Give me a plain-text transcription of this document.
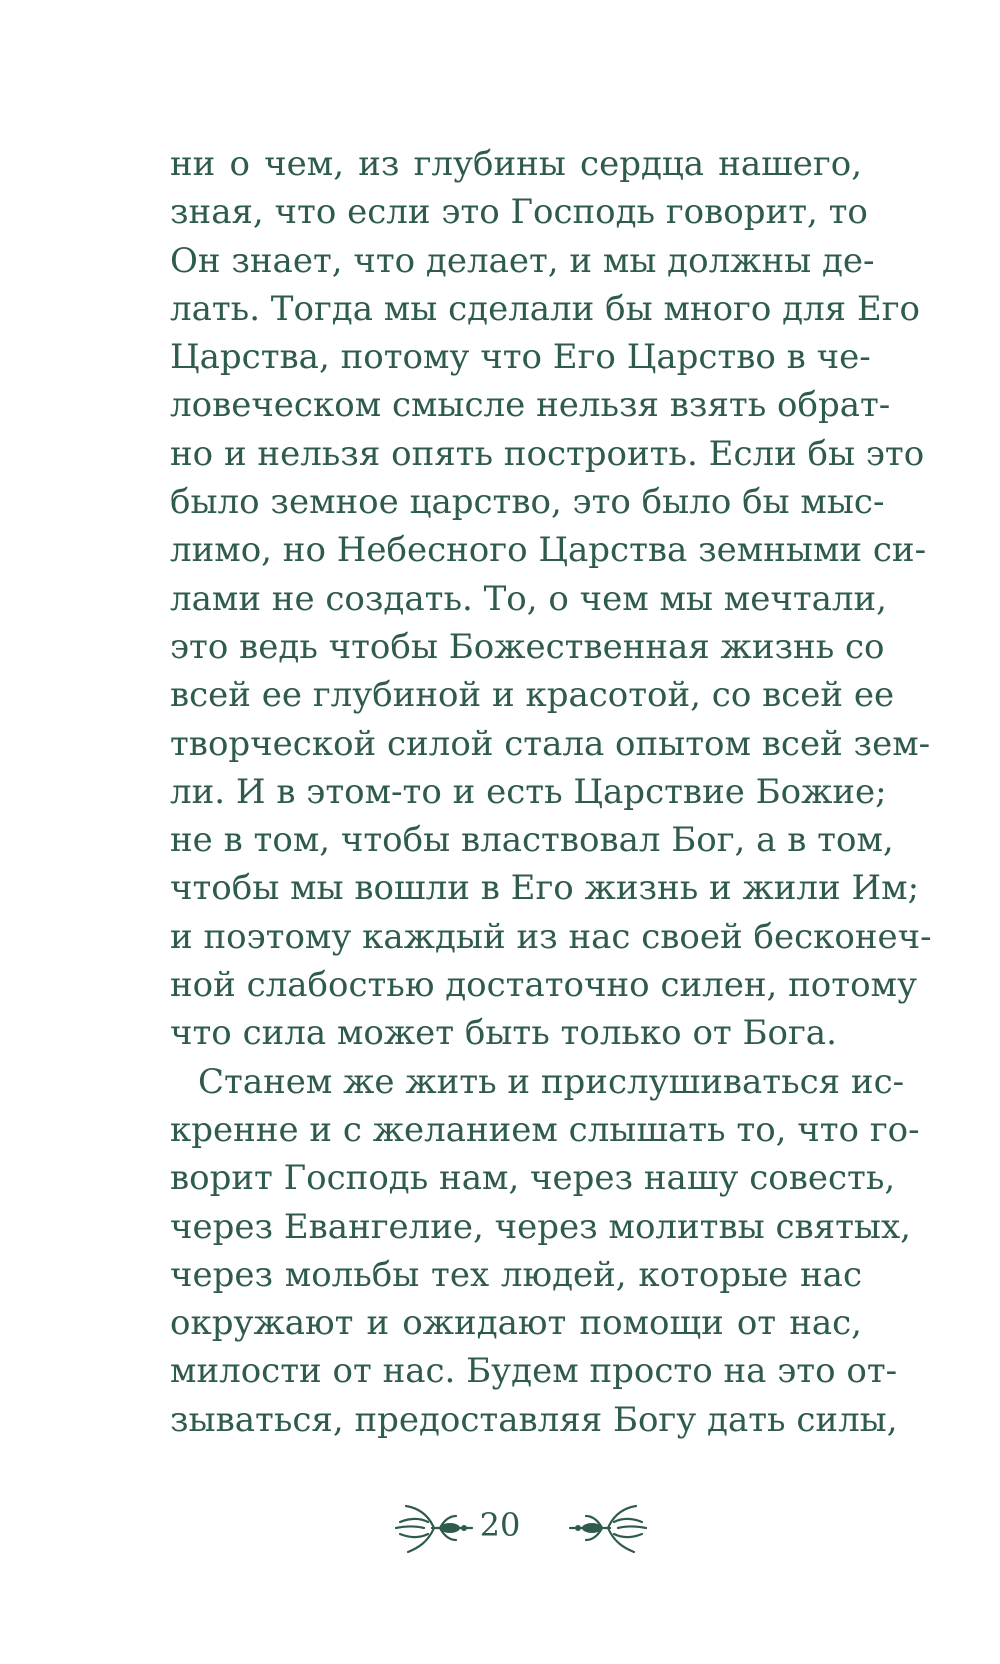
ни о чем, из глубины сердца нашего,
зная, что если это Господь говорит, то
Он знает, что делает, и мы должны де-
лать. Тогда мы сделали бы много для Его
Царства, потому что Его Царство в че-
ловеческом смысле нельзя взять обрат-
но и нельзя опять построить. Если бы это
было земное царство, это было бы мыс-
лимо, но Небесного Царства земными си-
лами не создать. То, о чем мы мечтали,
это ведь чтобы Божественная жизнь со
всей ее глубиной и красотой, со всей ее
творческой силой стала опытом всей зем-
ли. И в этом-то и есть Царствие Божие;
не в том, чтобы властвовал Бог, а в том,
чтобы мы вошли в Его жизнь и жили Им;
и поэтому каждый из нас своей бесконеч-
ной слабостью достаточно силен, потому
что сила может быть только от Бога.

Станем же жить и прислушиваться ис-
кренне и с желанием слышать то, что го-
ворит Господь нам, через нашу совесть,
через Евангелие, через молитвы святых,
через мольбы тех людей, которые нас
окружают и ожидают помощи от нас,
милости от нас. Будем просто на это от-
зываться, предоставляя Богу дать силы,

20
